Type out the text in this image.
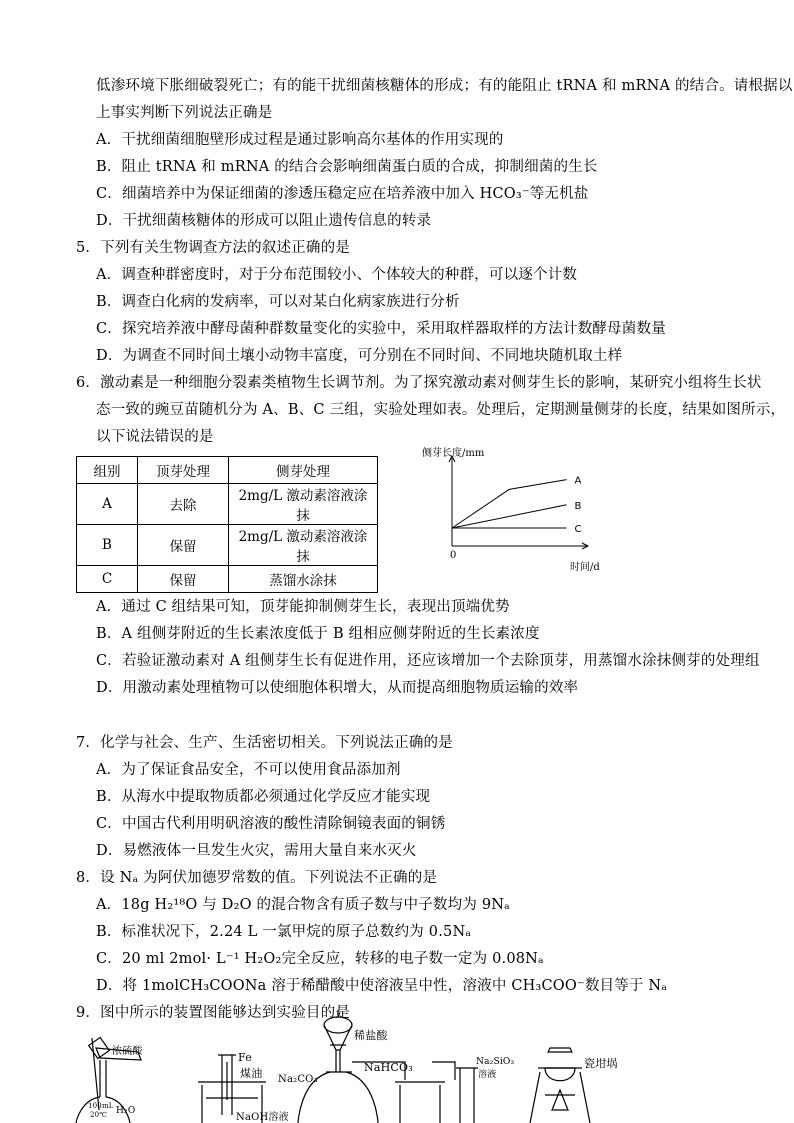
低渗环境下胀细破裂死亡；有的能干扰细菌核糖体的形成；有的能阻止 tRNA 和 mRNA 的结合。请根据以
上事实判断下列说法正确是
A．干扰细菌细胞壁形成过程是通过影响高尔基体的作用实现的
B．阻止 tRNA 和 mRNA 的结合会影响细菌蛋白质的合成，抑制细菌的生长
C．细菌培养中为保证细菌的渗透压稳定应在培养液中加入 HCO₃⁻等无机盐
D．干扰细菌核糖体的形成可以阻止遗传信息的转录
5．下列有关生物调查方法的叙述正确的是
A．调查种群密度时，对于分布范围较小、个体较大的种群，可以逐个计数
B．调查白化病的发病率，可以对某白化病家族进行分析
C．探究培养液中酵母菌种群数量变化的实验中，采用取样器取样的方法计数酵母菌数量
D．为调查不同时间土壤小动物丰富度，可分别在不同时间、不同地块随机取土样
6．激动素是一种细胞分裂素类植物生长调节剂。为了探究激动素对侧芽生长的影响，某研究小组将生长状
态一致的豌豆苗随机分为 A、B、C 三组，实验处理如表。处理后，定期测量侧芽的长度，结果如图所示，
以下说法错误的是
组别	顶芽处理	侧芽处理
A	去除	2mg/L 激动素溶液涂抹
B	保留	2mg/L 激动素溶液涂抹
C	保留	蒸馏水涂抹
侧芽长度/mm
时间/d
0
A
B
C
A．通过 C 组结果可知，顶芽能抑制侧芽生长，表现出顶端优势
B．A 组侧芽附近的生长素浓度低于 B 组相应侧芽附近的生长素浓度
C．若验证激动素对 A 组侧芽生长有促进作用，还应该增加一个去除顶芽，用蒸馏水涂抹侧芽的处理组
D．用激动素处理植物可以使细胞体积增大，从而提高细胞物质运输的效率
7．化学与社会、生产、生活密切相关。下列说法正确的是
A．为了保证食品安全，不可以使用食品添加剂
B．从海水中提取物质都必须通过化学反应才能实现
C．中国古代利用明矾溶液的酸性清除铜镜表面的铜锈
D．易燃液体一旦发生火灾，需用大量自来水灭火
8．设 Nₐ 为阿伏加德罗常数的值。下列说法不正确的是
A．18g H₂¹⁸O 与 D₂O 的混合物含有质子数与中子数均为 9Nₐ
B．标准状况下，2.24 L 一氯甲烷的原子总数约为 0.5Nₐ
C．20 ml 2mol· L⁻¹ H₂O₂完全反应，转移的电子数一定为 0.08Nₐ
D．将 1molCH₃COONa 溶于稀醋酸中使溶液呈中性，溶液中 CH₃COO⁻数目等于 Nₐ
9．图中所示的装置图能够达到实验目的是
浓硫酸
100mL
20℃ H₂O
Fe
煤油
NaOH溶液
Na₂CO₃
稀盐酸
NaHCO₃	Na₂SiO₃
溶液
瓷坩埚
